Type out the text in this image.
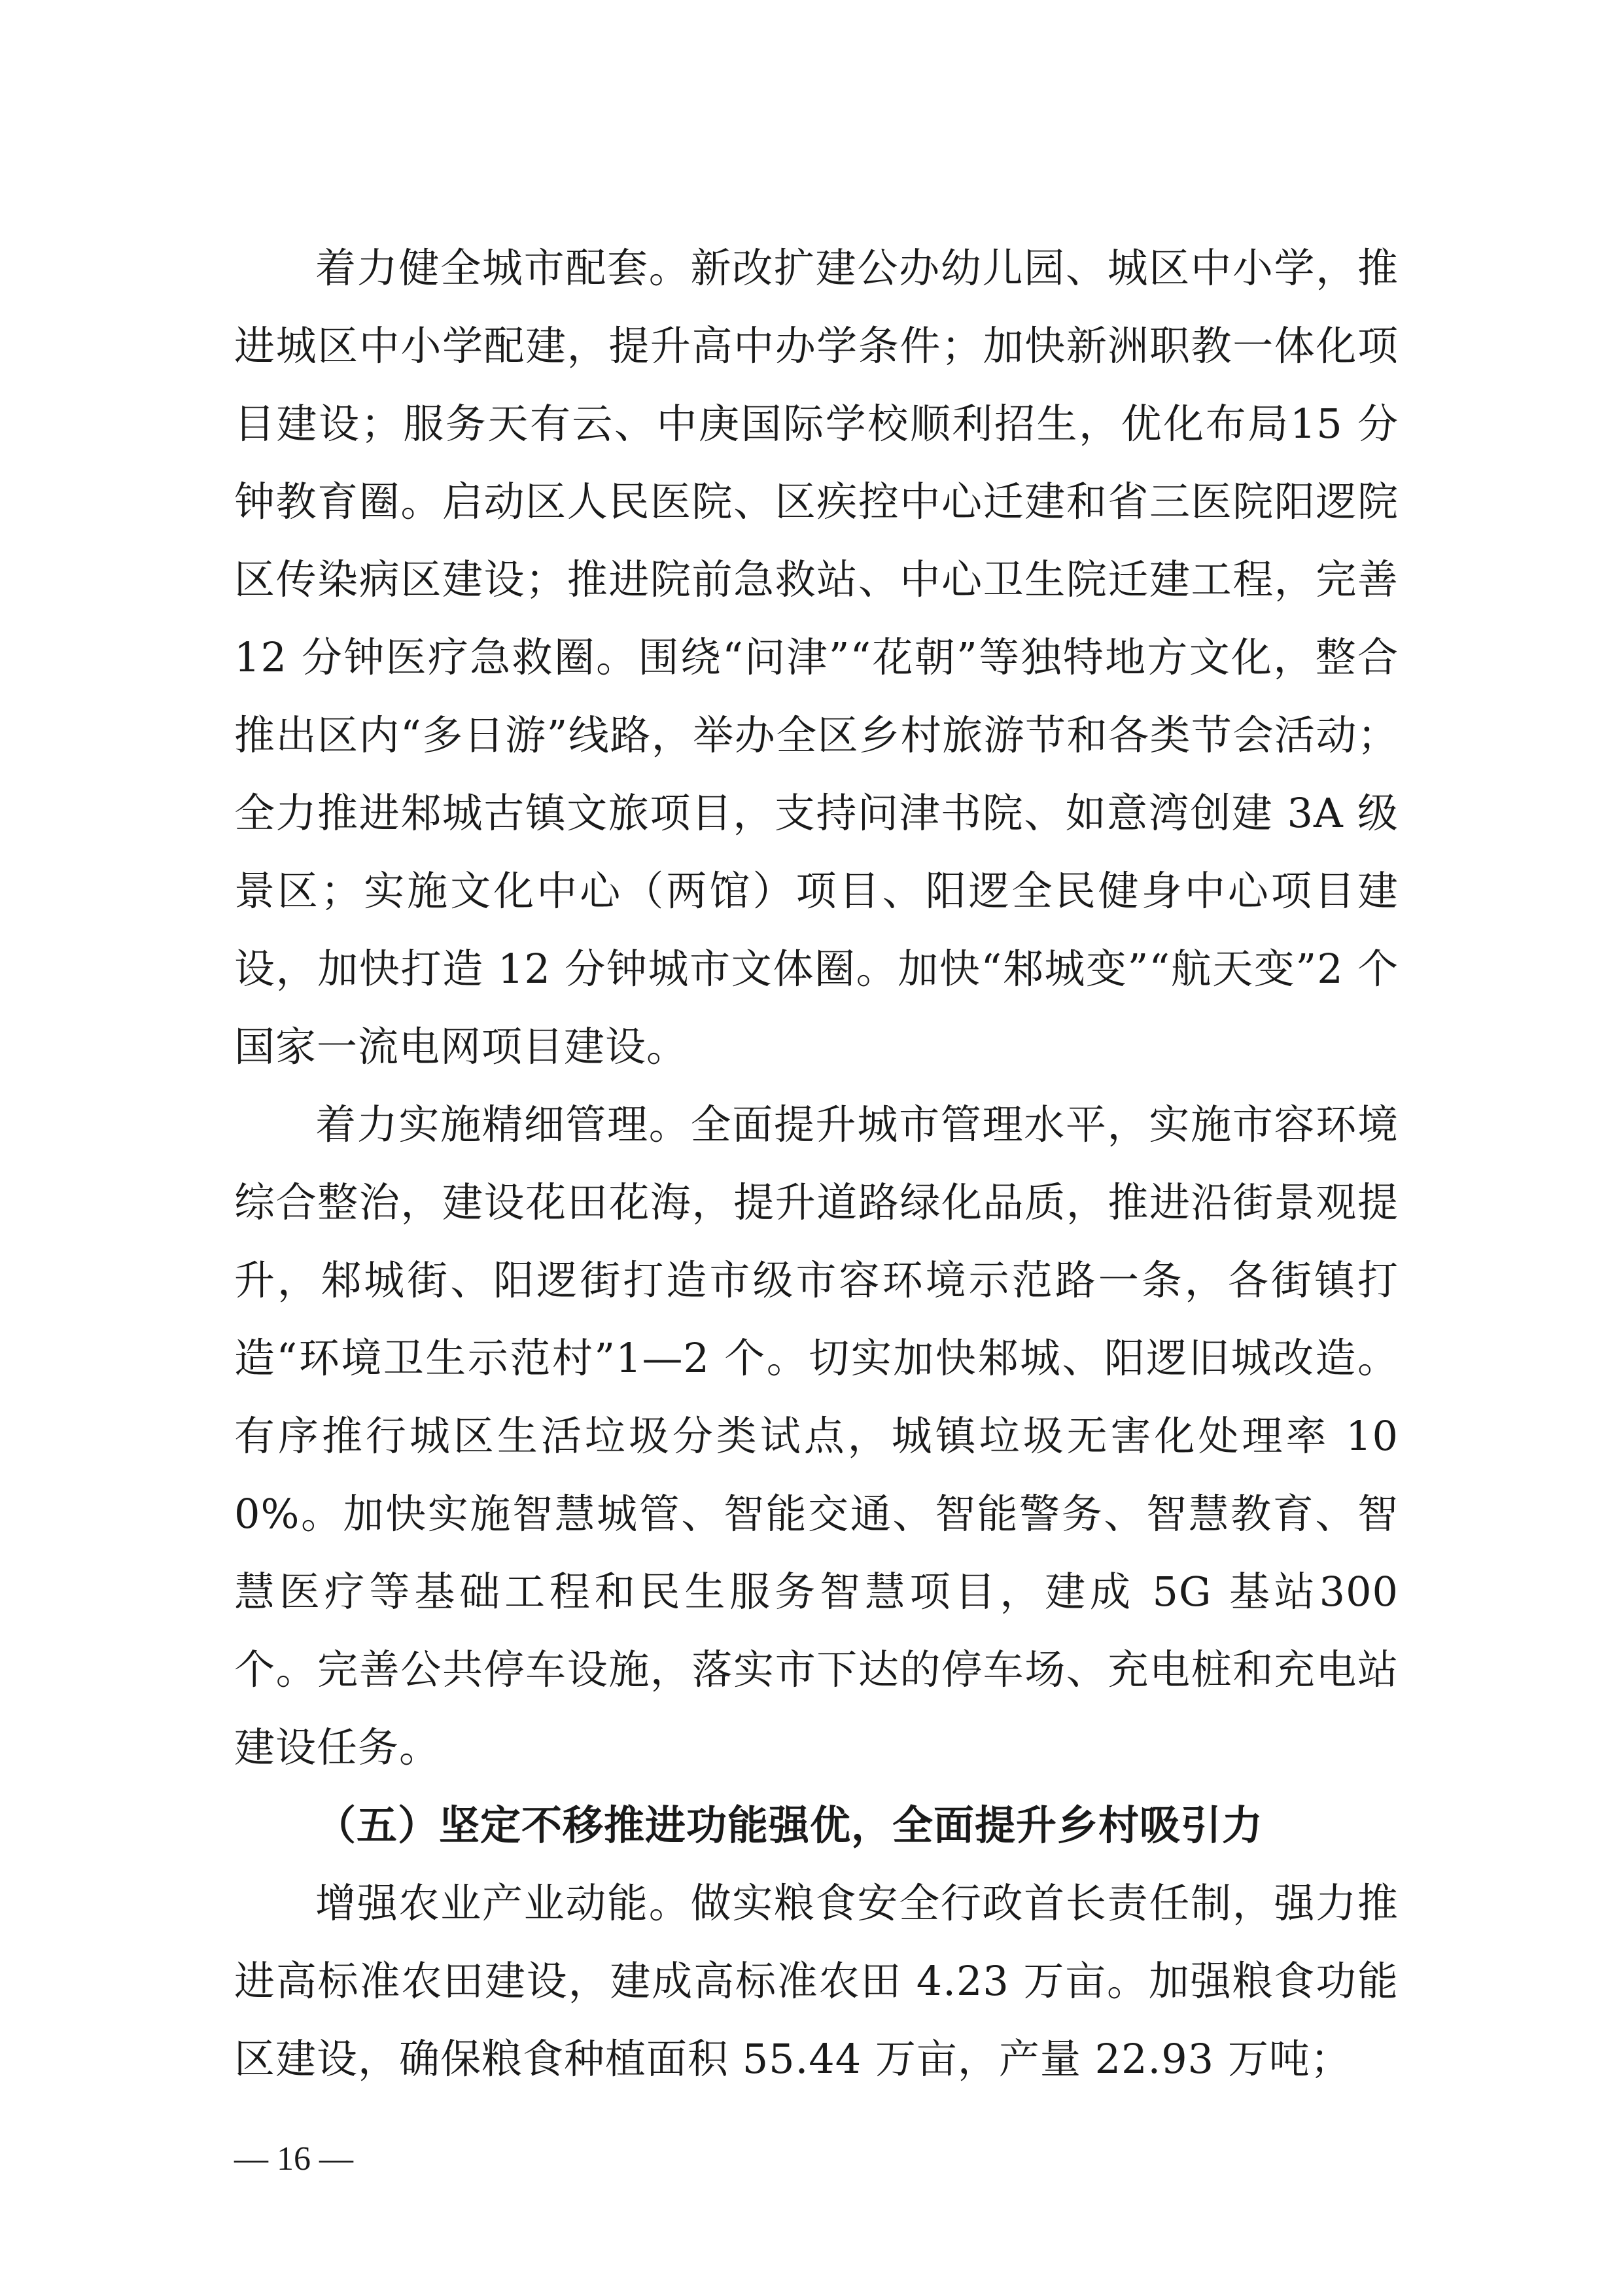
着力健全城市配套。新改扩建公办幼儿园、城区中小学，推进城区中小学配建，提升高中办学条件；加快新洲职教一体化项目建设；服务天有云、中庚国际学校顺利招生，优化布局15 分钟教育圈。启动区人民医院、区疾控中心迁建和省三医院阳逻院区传染病区建设；推进院前急救站、中心卫生院迁建工程，完善 12 分钟医疗急救圈。围绕“问津”“花朝”等独特地方文化，整合推出区内“多日游”线路，举办全区乡村旅游节和各类节会活动；全力推进邾城古镇文旅项目，支持问津书院、如意湾创建 3A 级景区；实施文化中心（两馆）项目、阳逻全民健身中心项目建设，加快打造 12 分钟城市文体圈。加快“邾城变”“航天变”2 个国家一流电网项目建设。

着力实施精细管理。全面提升城市管理水平，实施市容环境综合整治，建设花田花海，提升道路绿化品质，推进沿街景观提升，邾城街、阳逻街打造市级市容环境示范路一条，各街镇打造“环境卫生示范村”1—2 个。切实加快邾城、阳逻旧城改造。有序推行城区生活垃圾分类试点，城镇垃圾无害化处理率 100%。加快实施智慧城管、智能交通、智能警务、智慧教育、智慧医疗等基础工程和民生服务智慧项目，建成 5G 基站300 个。完善公共停车设施，落实市下达的停车场、充电桩和充电站建设任务。

（五）坚定不移推进功能强优，全面提升乡村吸引力

增强农业产业动能。做实粮食安全行政首长责任制，强力推进高标准农田建设，建成高标准农田 4.23 万亩。加强粮食功能区建设，确保粮食种植面积 55.44 万亩，产量 22.93 万吨；

— 16 —
